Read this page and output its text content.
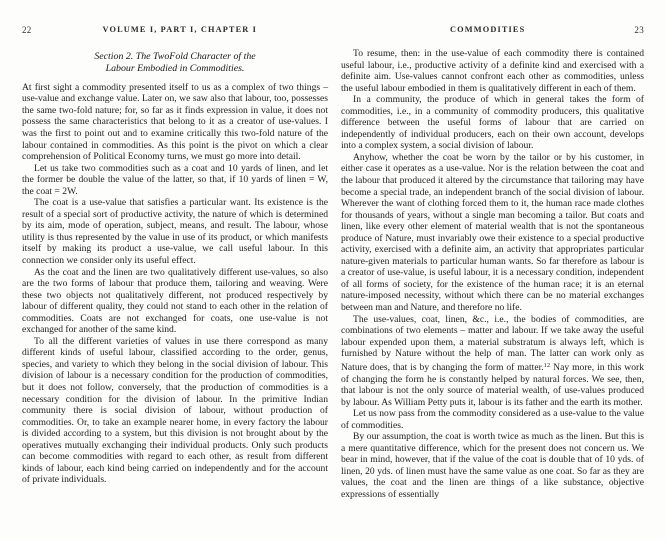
22	VOLUME I, PART I, CHAPTER I	23
COMMODITIES
Section 2. The TwoFold Character of the
Labour Embodied in Commodities.

At first sight a commodity presented itself to us as a complex of two things – use-value and exchange value. Later on, we saw also that labour, too, possesses the same two-fold nature; for, so far as it finds expression in value, it does not possess the same characteristics that belong to it as a creator of use-values. I was the first to point out and to examine critically this two-fold nature of the labour contained in commodities. As this point is the pivot on which a clear comprehension of Political Economy turns, we must go more into detail.

Let us take two commodities such as a coat and 10 yards of linen, and let the former be double the value of the latter, so that, if 10 yards of linen = W, the coat = 2W.

The coat is a use-value that satisfies a particular want. Its existence is the result of a special sort of productive activity, the nature of which is determined by its aim, mode of operation, subject, means, and result. The labour, whose utility is thus represented by the value in use of its product, or which manifests itself by making its product a use-value, we call useful labour. In this connection we consider only its useful effect.

As the coat and the linen are two qualitatively different use-values, so also are the two forms of labour that produce them, tailoring and weaving. Were these two objects not qualitatively different, not produced respectively by labour of different quality, they could not stand to each other in the relation of commodities. Coats are not exchanged for coats, one use-value is not exchanged for another of the same kind.

To all the different varieties of values in use there correspond as many different kinds of useful labour, classified according to the order, genus, species, and variety to which they belong in the social division of labour. This division of labour is a necessary condition for the production of commodities, but it does not follow, conversely, that the production of commodities is a necessary condition for the division of labour. In the primitive Indian community there is social division of labour, without production of commodities. Or, to take an example nearer home, in every factory the labour is divided according to a system, but this division is not brought about by the operatives mutually exchanging their individual products. Only such products can become commodities with regard to each other, as result from different kinds of labour, each kind being carried on independently and for the account of private individuals.

To resume, then: in the use-value of each commodity there is contained useful labour, i.e., productive activity of a definite kind and exercised with a definite aim. Use-values cannot confront each other as commodities, unless the useful labour embodied in them is qualitatively different in each of them.

In a community, the produce of which in general takes the form of commodities, i.e., in a community of commodity producers, this qualitative difference between the useful forms of labour that are carried on independently of individual producers, each on their own account, develops into a complex system, a social division of labour.

Anyhow, whether the coat be worn by the tailor or by his customer, in either case it operates as a use-value. Nor is the relation between the coat and the labour that produced it altered by the circumstance that tailoring may have become a special trade, an independent branch of the social division of labour. Wherever the want of clothing forced them to it, the human race made clothes for thousands of years, without a single man becoming a tailor. But coats and linen, like every other element of material wealth that is not the spontaneous produce of Nature, must invariably owe their existence to a special productive activity, exercised with a definite aim, an activity that appropriates particular nature-given materials to particular human wants. So far therefore as labour is a creator of use-value, is useful labour, it is a necessary condition, independent of all forms of society, for the existence of the human race; it is an eternal nature-imposed necessity, without which there can be no material exchanges between man and Nature, and therefore no life.

The use-values, coat, linen, &c., i.e., the bodies of commodities, are combinations of two elements – matter and labour. If we take away the useful labour expended upon them, a material substratum is always left, which is furnished by Nature without the help of man. The latter can work only as Nature does, that is by changing the form of matter.$^{12}$ Nay more, in this work of changing the form he is constantly helped by natural forces. We see, then, that labour is not the only source of material wealth, of use-values produced by labour. As William Petty puts it, labour is its father and the earth its mother.

Let us now pass from the commodity considered as a use-value to the value of commodities.

By our assumption, the coat is worth twice as much as the linen. But this is a mere quantitative difference, which for the present does not concern us. We bear in mind, however, that if the value of the coat is double that of 10 yds. of linen, 20 yds. of linen must have the same value as one coat. So far as they are values, the coat and the linen are things of a like substance, objective expressions of essentially
